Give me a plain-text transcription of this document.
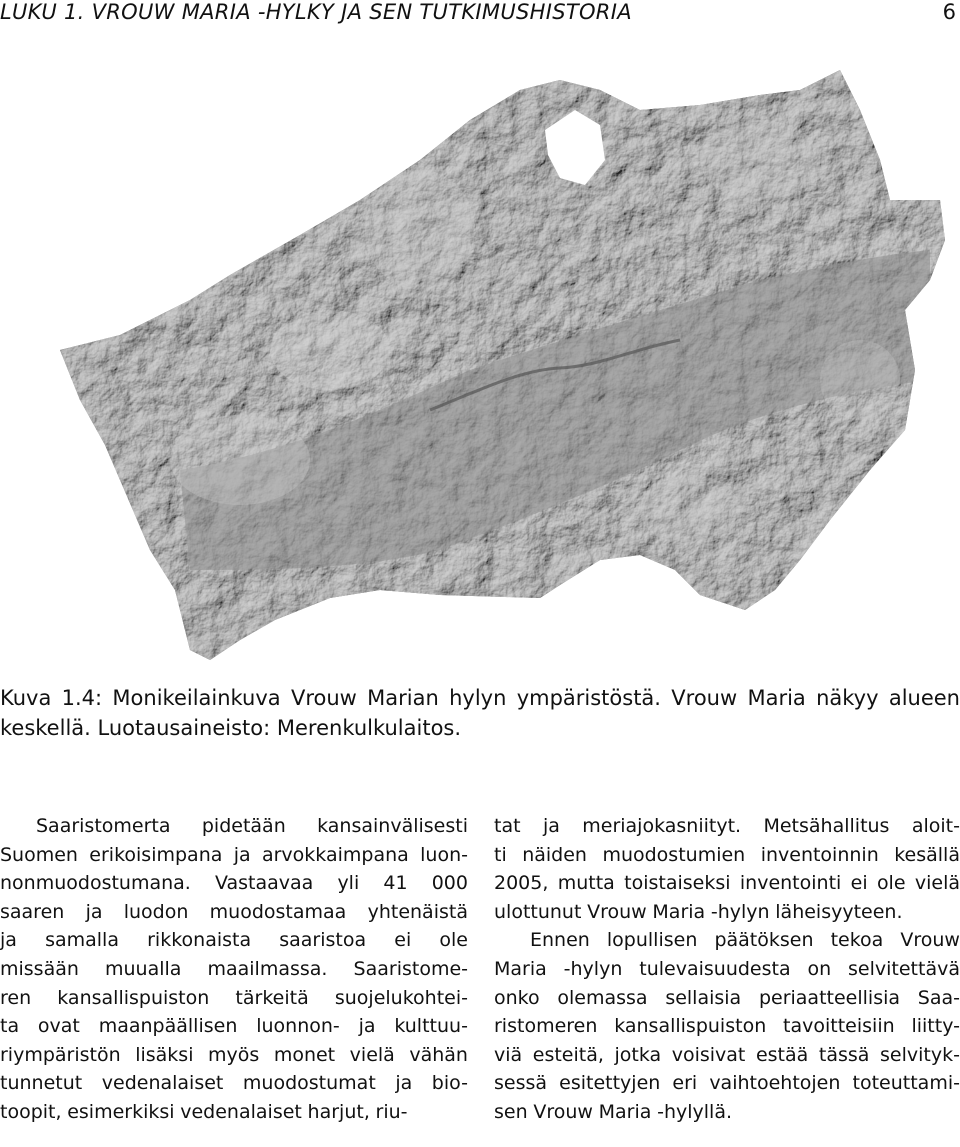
LUKU 1. VROUW MARIA -HYLKY JA SEN TUTKIMUSHISTORIA	6
Kuva 1.4: Monikeilainkuva Vrouw Marian hylyn ympäristöstä. Vrouw Maria näkyy alueen
keskellä. Luotausaineisto: Merenkulkulaitos.
Saaristomerta pidetään kansainvälisesti
Suomen erikoisimpana ja arvokkaimpana luon-
nonmuodostumana. Vastaavaa yli 41 000
saaren ja luodon muodostamaa yhtenäistä
ja samalla rikkonaista saaristoa ei ole
missään muualla maailmassa. Saaristome-
ren kansallispuiston tärkeitä suojelukohtei-
ta ovat maanpäällisen luonnon- ja kulttuu-
riympäristön lisäksi myös monet vielä vähän
tunnetut vedenalaiset muodostumat ja bio-
toopit, esimerkiksi vedenalaiset harjut, riu-
tat ja meriajokasniityt. Metsähallitus aloit-
ti näiden muodostumien inventoinnin kesällä
2005, mutta toistaiseksi inventointi ei ole vielä
ulottunut Vrouw Maria -hylyn läheisyyteen.
Ennen lopullisen päätöksen tekoa Vrouw
Maria -hylyn tulevaisuudesta on selvitettävä
onko olemassa sellaisia periaatteellisia Saa-
ristomeren kansallispuiston tavoitteisiin liitty-
viä esteitä, jotka voisivat estää tässä selvityk-
sessä esitettyjen eri vaihtoehtojen toteuttami-
sen Vrouw Maria -hylyllä.
